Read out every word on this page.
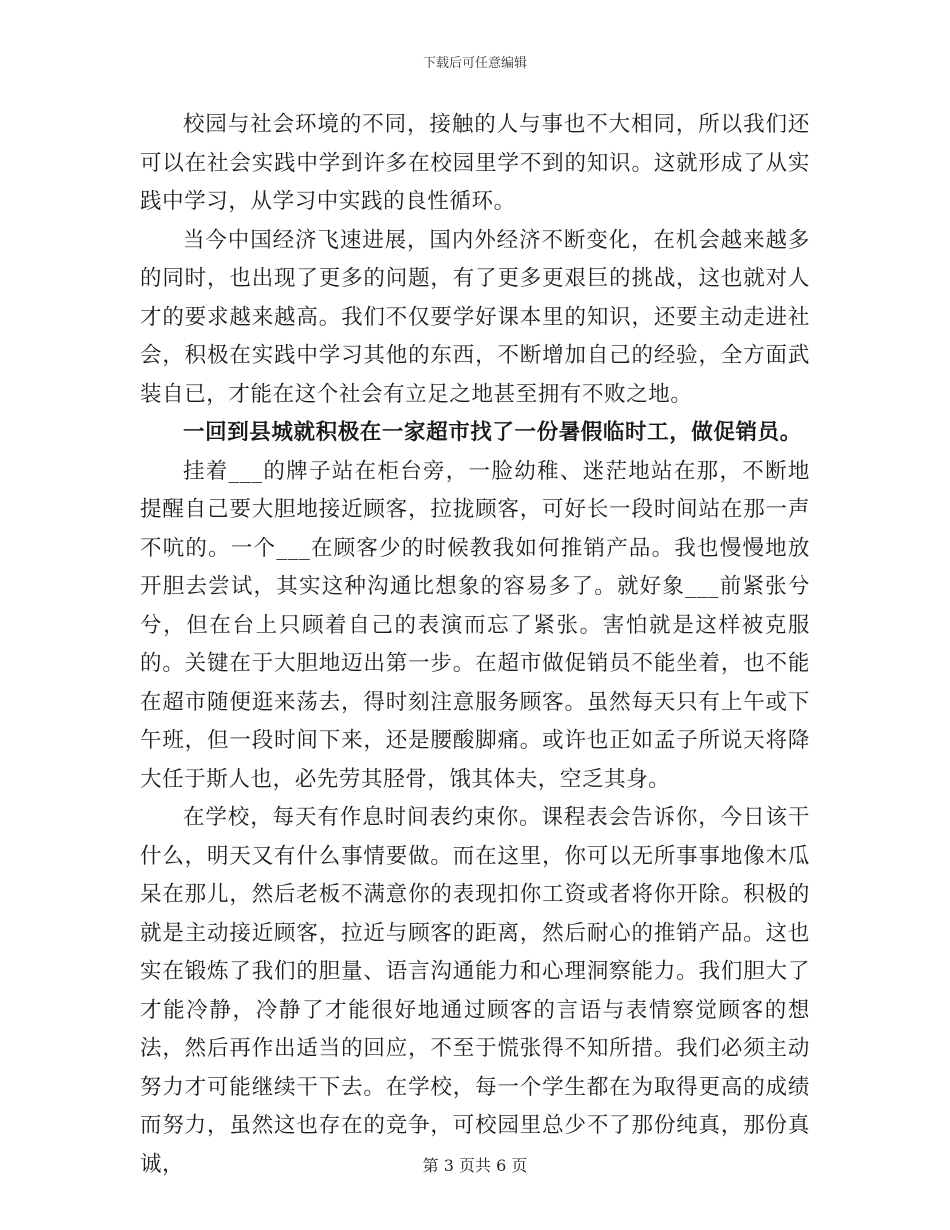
下载后可任意编辑

校园与社会环境的不同，接触的人与事也不大相同，所以我们还可以在社会实践中学到许多在校园里学不到的知识。这就形成了从实践中学习，从学习中实践的良性循环。

当今中国经济飞速进展，国内外经济不断变化，在机会越来越多的同时，也出现了更多的问题，有了更多更艰巨的挑战，这也就对人才的要求越来越高。我们不仅要学好课本里的知识，还要主动走进社会，积极在实践中学习其他的东西，不断增加自己的经验，全方面武装自已，才能在这个社会有立足之地甚至拥有不败之地。

一回到县城就积极在一家超市找了一份暑假临时工，做促销员。

挂着___的牌子站在柜台旁，一脸幼稚、迷茫地站在那，不断地提醒自己要大胆地接近顾客，拉拢顾客，可好长一段时间站在那一声不吭的。一个___在顾客少的时候教我如何推销产品。我也慢慢地放开胆去尝试，其实这种沟通比想象的容易多了。就好象___前紧张兮兮，但在台上只顾着自己的表演而忘了紧张。害怕就是这样被克服的。关键在于大胆地迈出第一步。在超市做促销员不能坐着，也不能在超市随便逛来荡去，得时刻注意服务顾客。虽然每天只有上午或下午班，但一段时间下来，还是腰酸脚痛。或许也正如孟子所说天将降大任于斯人也，必先劳其胫骨，饿其体夫，空乏其身。

在学校，每天有作息时间表约束你。课程表会告诉你，今日该干什么，明天又有什么事情要做。而在这里，你可以无所事事地像木瓜呆在那儿，然后老板不满意你的表现扣你工资或者将你开除。积极的就是主动接近顾客，拉近与顾客的距离，然后耐心的推销产品。这也实在锻炼了我们的胆量、语言沟通能力和心理洞察能力。我们胆大了才能冷静，冷静了才能很好地通过顾客的言语与表情察觉顾客的想法，然后再作出适当的回应，不至于慌张得不知所措。我们必须主动努力才可能继续干下去。在学校，每一个学生都在为取得更高的成绩而努力，虽然这也存在的竞争，可校园里总少不了那份纯真，那份真诚，	第 3 页共 6 页
